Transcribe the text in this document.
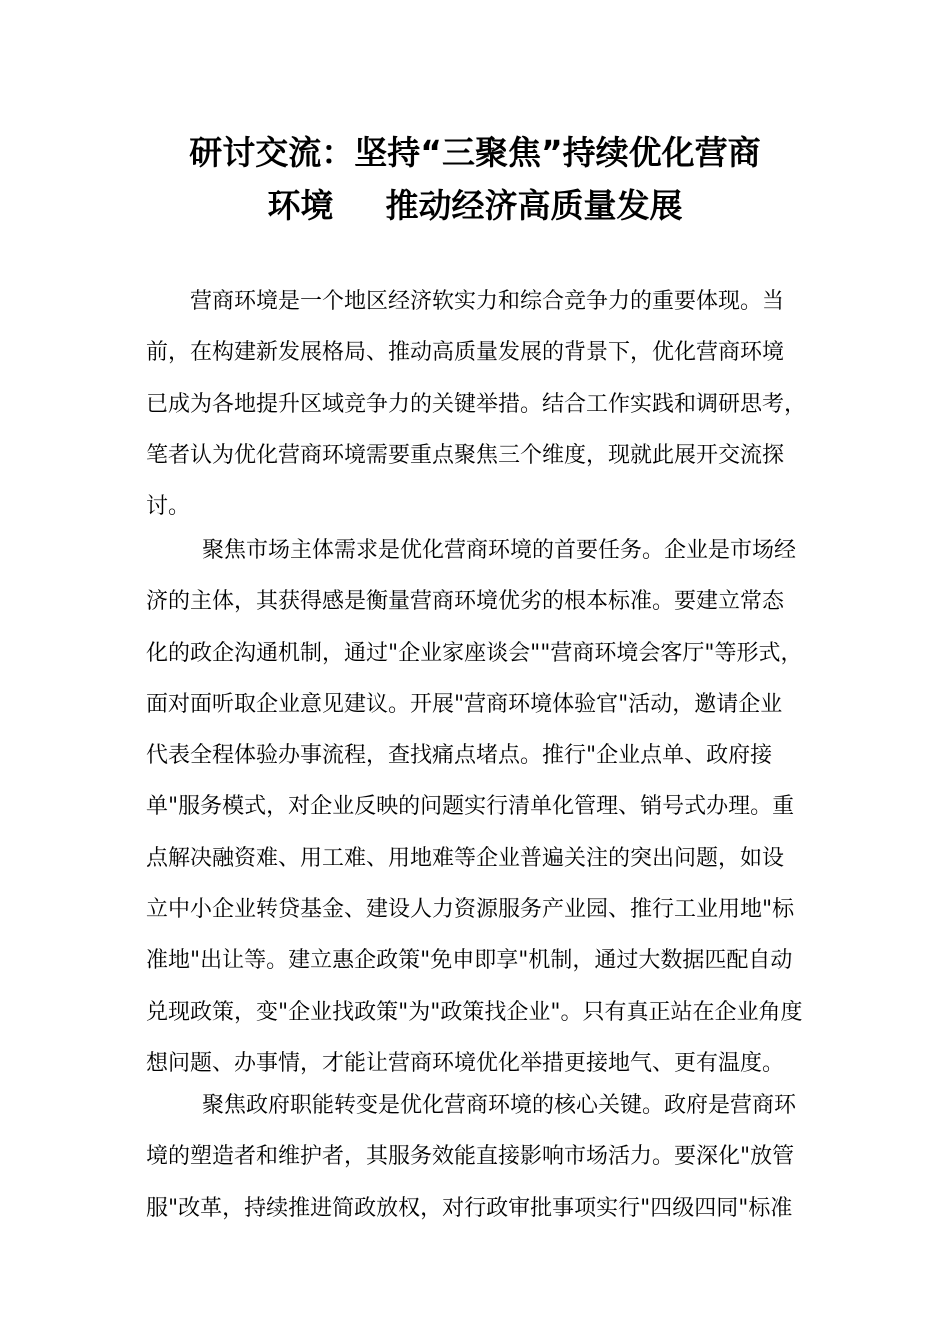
研讨交流：坚持“三聚焦”持续优化营商
环境 推动经济高质量发展
营商环境是一个地区经济软实力和综合竞争力的重要体现。当
前，在构建新发展格局、推动高质量发展的背景下，优化营商环境
已成为各地提升区域竞争力的关键举措。结合工作实践和调研思考，
笔者认为优化营商环境需要重点聚焦三个维度，现就此展开交流探
讨。
聚焦市场主体需求是优化营商环境的首要任务。企业是市场经
济的主体，其获得感是衡量营商环境优劣的根本标准。要建立常态
化的政企沟通机制，通过"企业家座谈会""营商环境会客厅"等形式，
面对面听取企业意见建议。开展"营商环境体验官"活动，邀请企业
代表全程体验办事流程，查找痛点堵点。推行"企业点单、政府接
单"服务模式，对企业反映的问题实行清单化管理、销号式办理。重
点解决融资难、用工难、用地难等企业普遍关注的突出问题，如设
立中小企业转贷基金、建设人力资源服务产业园、推行工业用地"标
准地"出让等。建立惠企政策"免申即享"机制，通过大数据匹配自动
兑现政策，变"企业找政策"为"政策找企业"。只有真正站在企业角度
想问题、办事情，才能让营商环境优化举措更接地气、更有温度。
聚焦政府职能转变是优化营商环境的核心关键。政府是营商环
境的塑造者和维护者，其服务效能直接影响市场活力。要深化"放管
服"改革，持续推进简政放权，对行政审批事项实行"四级四同"标准
